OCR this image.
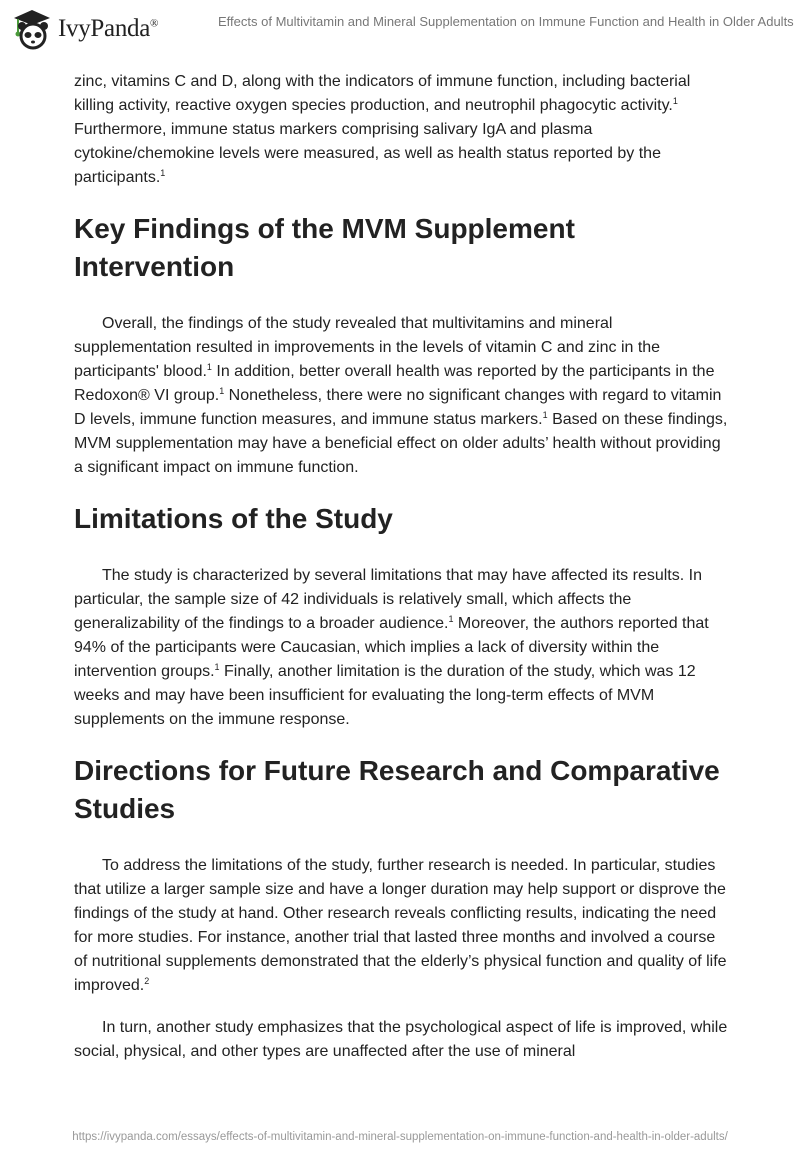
IvyPanda®	Effects of Multivitamin and Mineral Supplementation on Immune Function and Health in Older Adults

zinc, vitamins C and D, along with the indicators of immune function, including bacterial killing activity, reactive oxygen species production, and neutrophil phagocytic activity.$^1$ Furthermore, immune status markers comprising salivary IgA and plasma cytokine/chemokine levels were measured, as well as health status reported by the participants.$^1$

Key Findings of the MVM Supplement Intervention

Overall, the findings of the study revealed that multivitamins and mineral supplementation resulted in improvements in the levels of vitamin C and zinc in the participants' blood.$^1$ In addition, better overall health was reported by the participants in the Redoxon® VI group.$^1$ Nonetheless, there were no significant changes with regard to vitamin D levels, immune function measures, and immune status markers.$^1$ Based on these findings, MVM supplementation may have a beneficial effect on older adults’ health without providing a significant impact on immune function.

Limitations of the Study

The study is characterized by several limitations that may have affected its results. In particular, the sample size of 42 individuals is relatively small, which affects the generalizability of the findings to a broader audience.$^1$ Moreover, the authors reported that 94% of the participants were Caucasian, which implies a lack of diversity within the intervention groups.$^1$ Finally, another limitation is the duration of the study, which was 12 weeks and may have been insufficient for evaluating the long-term effects of MVM supplements on the immune response.

Directions for Future Research and Comparative Studies

To address the limitations of the study, further research is needed. In particular, studies that utilize a larger sample size and have a longer duration may help support or disprove the findings of the study at hand. Other research reveals conflicting results, indicating the need for more studies. For instance, another trial that lasted three months and involved a course of nutritional supplements demonstrated that the elderly’s physical function and quality of life improved.$^2$

In turn, another study emphasizes that the psychological aspect of life is improved, while social, physical, and other types are unaffected after the use of mineral

https://ivypanda.com/essays/effects-of-multivitamin-and-mineral-supplementation-on-immune-function-and-health-in-older-adults/
